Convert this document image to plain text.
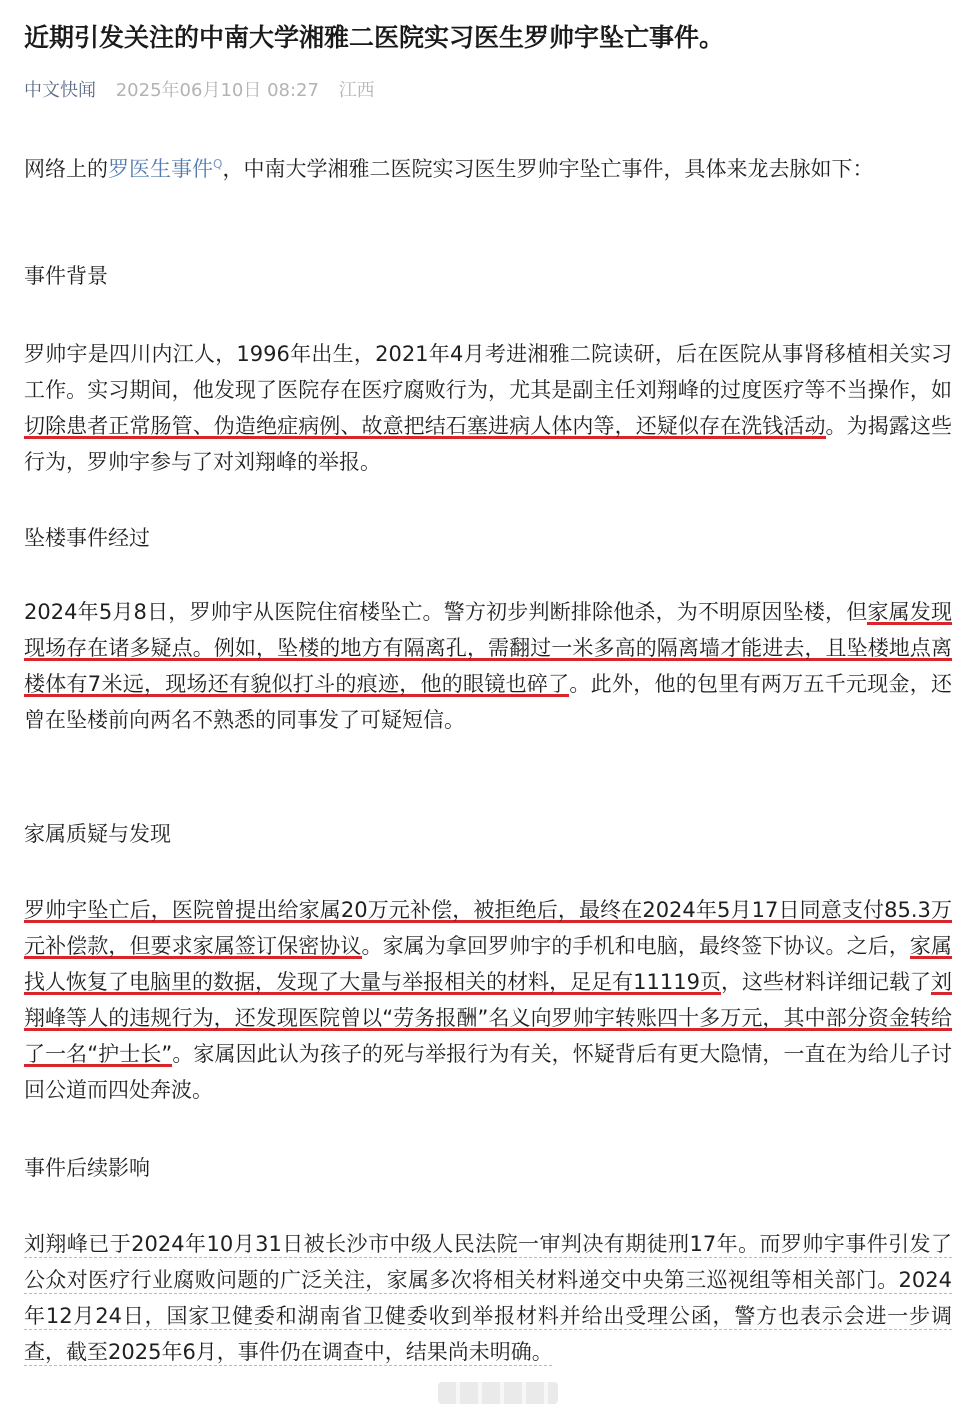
近期引发关注的中南大学湘雅二医院实习医生罗帅宇坠亡事件。
中文快闻 2025年06月10日 08:27 江西

网络上的罗医生事件$^Q$，中南大学湘雅二医院实习医生罗帅宇坠亡事件，具体来龙去脉如下：

事件背景

罗帅宇是四川内江人，1996年出生，2021年4月考进湘雅二院读研，后在医院从事肾移植相关实习工作。实习期间，他发现了医院存在医疗腐败行为，尤其是副主任刘翔峰的过度医疗等不当操作，如切除患者正常肠管、伪造绝症病例、故意把结石塞进病人体内等，还疑似存在洗钱活动。为揭露这些行为，罗帅宇参与了对刘翔峰的举报。

坠楼事件经过

2024年5月8日，罗帅宇从医院住宿楼坠亡。警方初步判断排除他杀，为不明原因坠楼，但家属发现现场存在诸多疑点。例如，坠楼的地方有隔离孔，需翻过一米多高的隔离墙才能进去，且坠楼地点离楼体有7米远，现场还有貌似打斗的痕迹，他的眼镜也碎了。此外，他的包里有两万五千元现金，还曾在坠楼前向两名不熟悉的同事发了可疑短信。

家属质疑与发现

罗帅宇坠亡后，医院曾提出给家属20万元补偿，被拒绝后，最终在2024年5月17日同意支付85.3万元补偿款，但要求家属签订保密协议。家属为拿回罗帅宇的手机和电脑，最终签下协议。之后，家属找人恢复了电脑里的数据，发现了大量与举报相关的材料，足足有11119页，这些材料详细记载了刘翔峰等人的违规行为，还发现医院曾以“劳务报酬”名义向罗帅宇转账四十多万元，其中部分资金转给了一名“护士长”。家属因此认为孩子的死与举报行为有关，怀疑背后有更大隐情，一直在为给儿子讨回公道而四处奔波。

事件后续影响

刘翔峰已于2024年10月31日被长沙市中级人民法院一审判决有期徒刑17年。而罗帅宇事件引发了公众对医疗行业腐败问题的广泛关注，家属多次将相关材料递交中央第三巡视组等相关部门。2024年12月24日，国家卫健委和湖南省卫健委收到举报材料并给出受理公函，警方也表示会进一步调查，截至2025年6月，事件仍在调查中，结果尚未明确。
